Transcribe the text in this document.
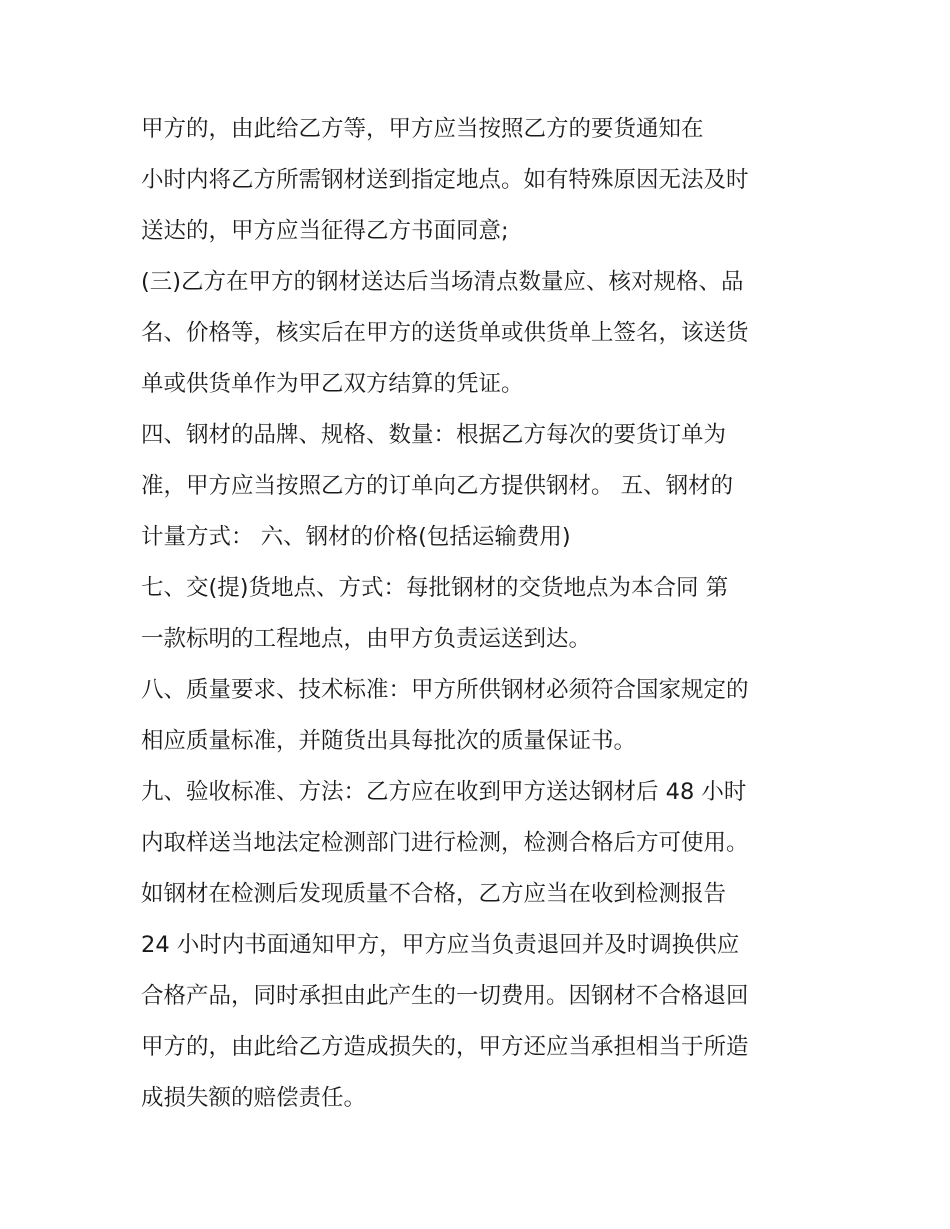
甲方的，由此给乙方等，甲方应当按照乙方的要货通知在
小时内将乙方所需钢材送到指定地点。如有特殊原因无法及时
送达的，甲方应当征得乙方书面同意;
(三)乙方在甲方的钢材送达后当场清点数量应、核对规格、品
名、价格等，核实后在甲方的送货单或供货单上签名，该送货
单或供货单作为甲乙双方结算的凭证。
四、钢材的品牌、规格、数量：根据乙方每次的要货订单为
准，甲方应当按照乙方的订单向乙方提供钢材。 五、钢材的
计量方式： 六、钢材的价格(包括运输费用)
七、交(提)货地点、方式：每批钢材的交货地点为本合同 第
一款标明的工程地点，由甲方负责运送到达。
八、质量要求、技术标准：甲方所供钢材必须符合国家规定的
相应质量标准，并随货出具每批次的质量保证书。
九、验收标准、方法：乙方应在收到甲方送达钢材后 48 小时
内取样送当地法定检测部门进行检测，检测合格后方可使用。
如钢材在检测后发现质量不合格，乙方应当在收到检测报告
24 小时内书面通知甲方，甲方应当负责退回并及时调换供应
合格产品，同时承担由此产生的一切费用。因钢材不合格退回
甲方的，由此给乙方造成损失的，甲方还应当承担相当于所造
成损失额的赔偿责任。
